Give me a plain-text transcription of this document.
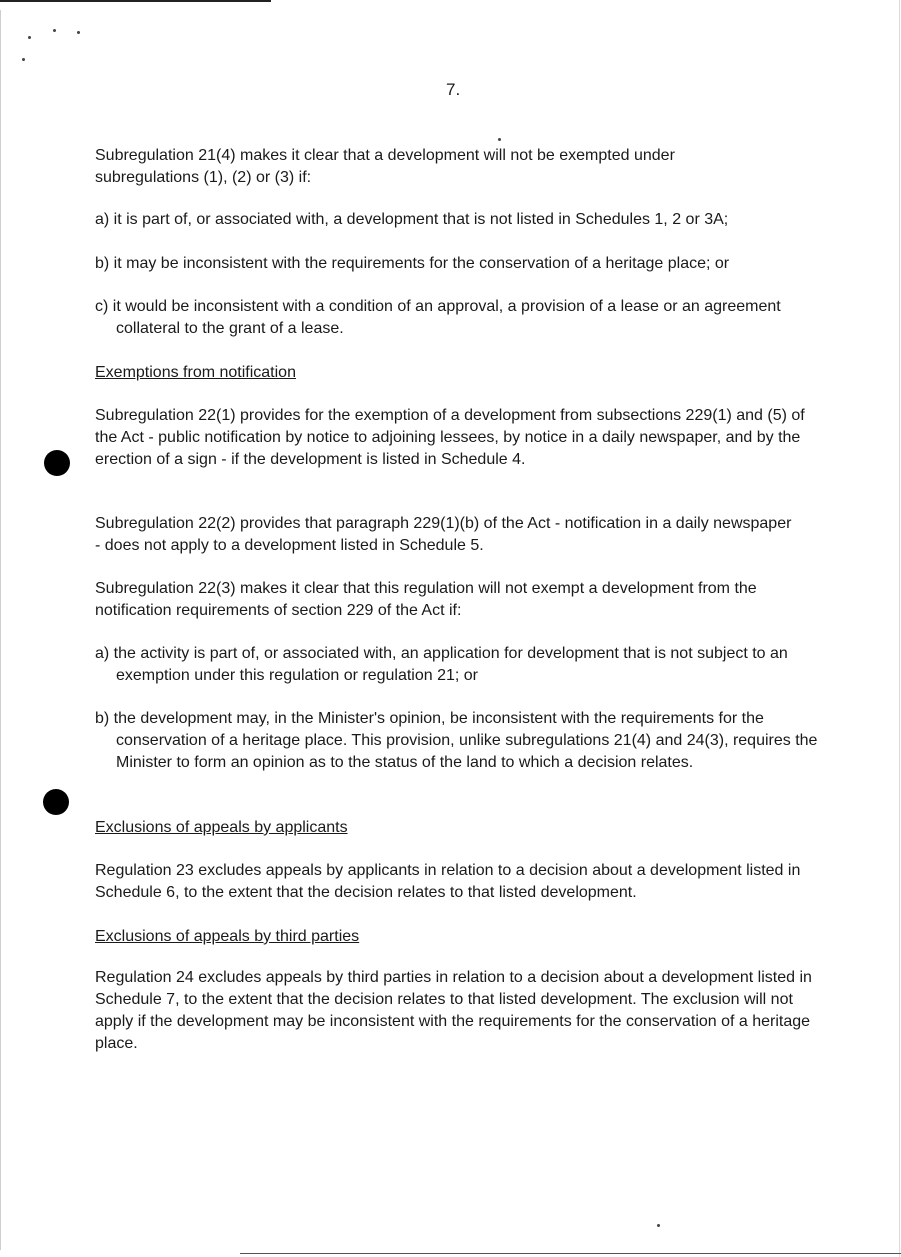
7.

Subregulation 21(4) makes it clear that a development will not be exempted under subregulations (1), (2) or (3) if:

a) it is part of, or associated with, a development that is not listed in Schedules 1, 2 or 3A;

b) it may be inconsistent with the requirements for the conservation of a heritage place; or

c) it would be inconsistent with a condition of an approval, a provision of a lease or an agreement collateral to the grant of a lease.

Exemptions from notification

Subregulation 22(1) provides for the exemption of a development from subsections 229(1) and (5) of the Act - public notification by notice to adjoining lessees, by notice in a daily newspaper, and by the erection of a sign - if the development is listed in Schedule 4.

Subregulation 22(2) provides that paragraph 229(1)(b) of the Act - notification in a daily newspaper - does not apply to a development listed in Schedule 5.

Subregulation 22(3) makes it clear that this regulation will not exempt a development from the notification requirements of section 229 of the Act if:

a) the activity is part of, or associated with, an application for development that is not subject to an exemption under this regulation or regulation 21; or

b) the development may, in the Minister's opinion, be inconsistent with the requirements for the conservation of a heritage place. This provision, unlike subregulations 21(4) and 24(3), requires the Minister to form an opinion as to the status of the land to which a decision relates.

Exclusions of appeals by applicants

Regulation 23 excludes appeals by applicants in relation to a decision about a development listed in Schedule 6, to the extent that the decision relates to that listed development.

Exclusions of appeals by third parties

Regulation 24 excludes appeals by third parties in relation to a decision about a development listed in Schedule 7, to the extent that the decision relates to that listed development. The exclusion will not apply if the development may be inconsistent with the requirements for the conservation of a heritage place.
